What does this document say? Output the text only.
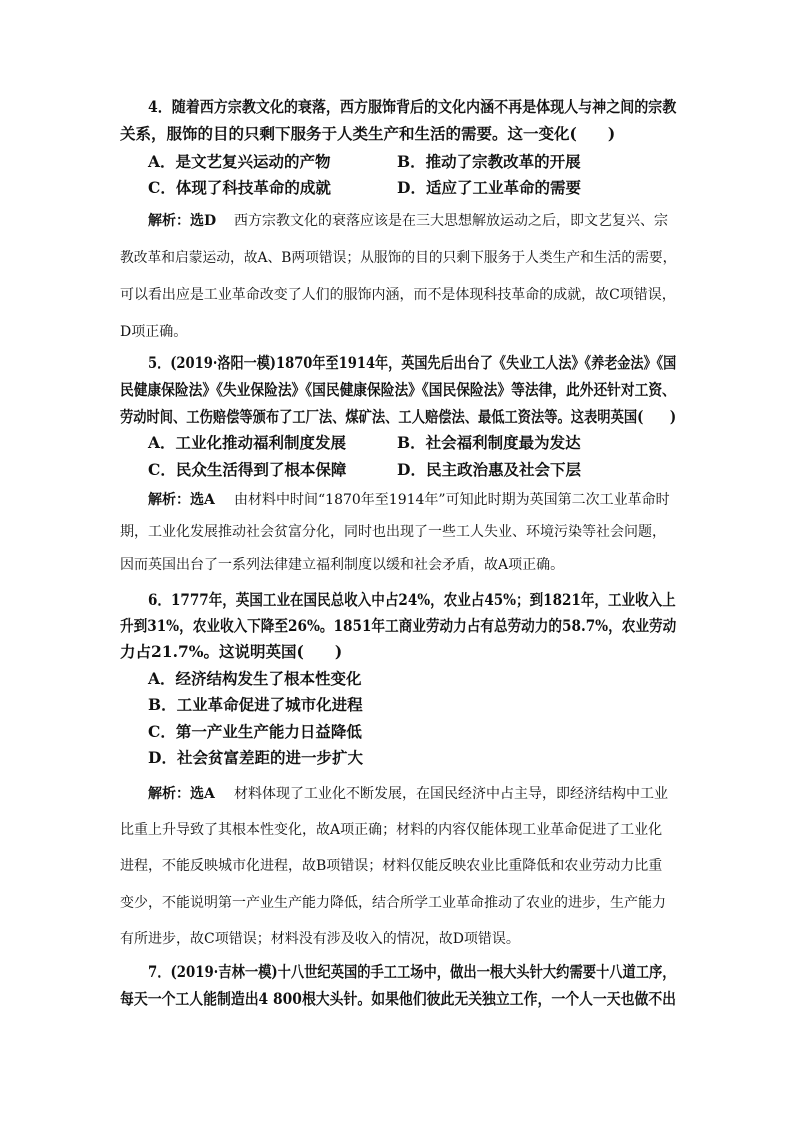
4．随着西方宗教文化的衰落，西方服饰背后的文化内涵不再是体现人与神之间的宗教
关系，服饰的目的只剩下服务于人类生产和生活的需要。这一变化(　　)
A．是文艺复兴运动的产物	B．推动了宗教改革的开展
C．体现了科技革命的成就	D．适应了工业革命的需要
解析：选D 西方宗教文化的衰落应该是在三大思想解放运动之后，即文艺复兴、宗
教改革和启蒙运动，故A、B两项错误；从服饰的目的只剩下服务于人类生产和生活的需要，
可以看出应是工业革命改变了人们的服饰内涵，而不是体现科技革命的成就，故C项错误，
D项正确。
5．(2019·洛阳一模)1870年至1914年，英国先后出台了《失业工人法》《养老金法》《国
民健康保险法》《失业保险法》《国民健康保险法》《国民保险法》等法律，此外还针对工资、
劳动时间、工伤赔偿等颁布了工厂法、煤矿法、工人赔偿法、最低工资法等。这表明英国(　　)
A．工业化推动福利制度发展	B．社会福利制度最为发达
C．民众生活得到了根本保障	D．民主政治惠及社会下层
解析：选A 由材料中时间“1870年至1914年”可知此时期为英国第二次工业革命时
期，工业化发展推动社会贫富分化，同时也出现了一些工人失业、环境污染等社会问题，
因而英国出台了一系列法律建立福利制度以缓和社会矛盾，故A项正确。
6．1777年，英国工业在国民总收入中占24%，农业占45%；到1821年，工业收入上
升到31%，农业收入下降至26%。1851年工商业劳动力占有总劳动力的58.7%，农业劳动
力占21.7%。这说明英国(　　)
A．经济结构发生了根本性变化
B．工业革命促进了城市化进程
C．第一产业生产能力日益降低
D．社会贫富差距的进一步扩大
解析：选A 材料体现了工业化不断发展，在国民经济中占主导，即经济结构中工业
比重上升导致了其根本性变化，故A项正确；材料的内容仅能体现工业革命促进了工业化
进程，不能反映城市化进程，故B项错误；材料仅能反映农业比重降低和农业劳动力比重
变少，不能说明第一产业生产能力降低，结合所学工业革命推动了农业的进步，生产能力
有所进步，故C项错误；材料没有涉及收入的情况，故D项错误。
7．(2019·吉林一模)十八世纪英国的手工工场中，做出一根大头针大约需要十八道工序，
每天一个工人能制造出4 800根大头针。如果他们彼此无关独立工作，一个人一天也做不出
